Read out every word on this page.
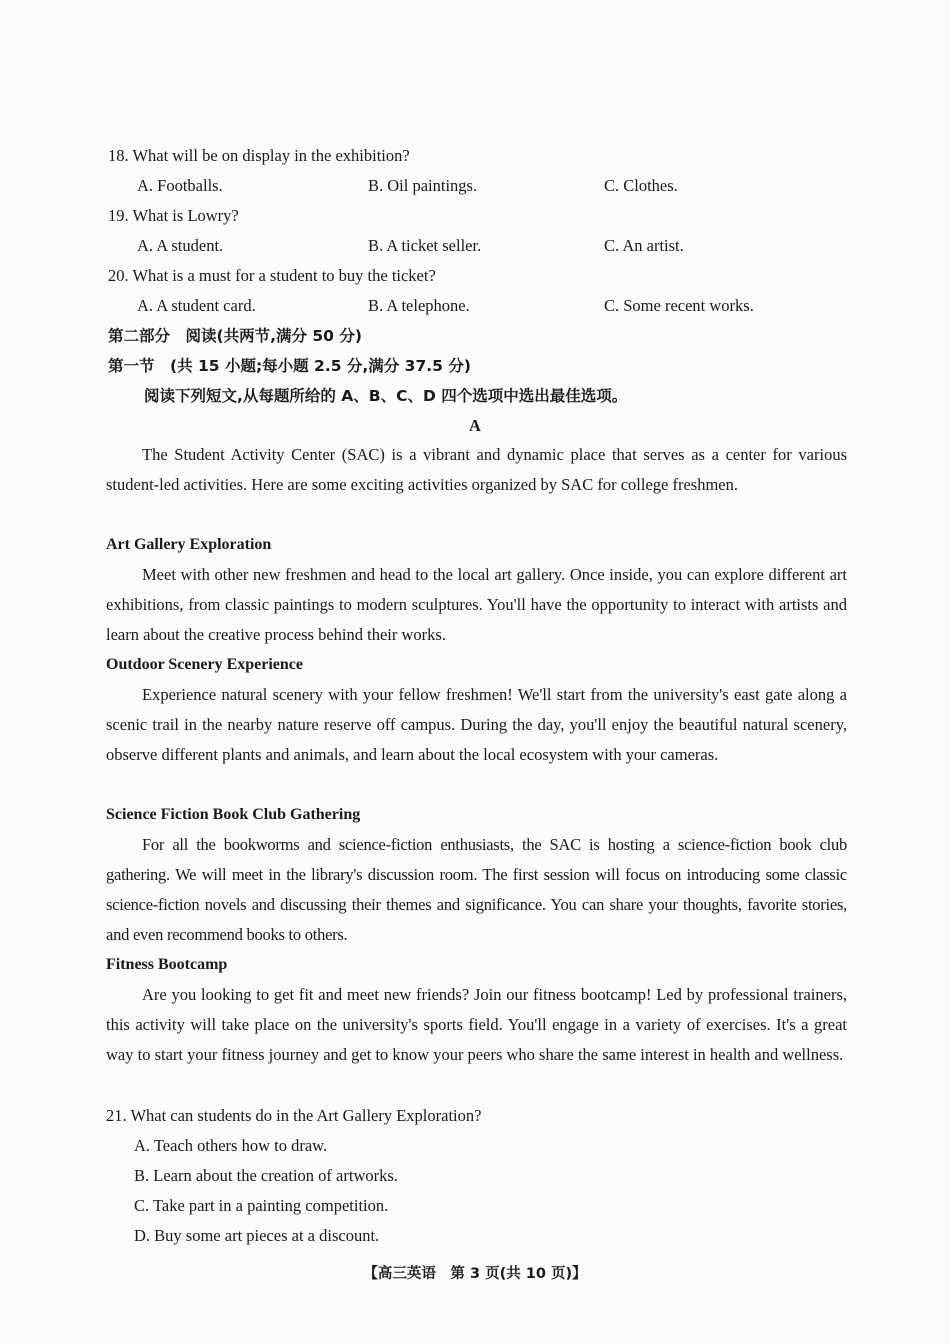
18. What will be on display in the exhibition?
A. Footballs.	B. Oil paintings.	C. Clothes.
19. What is Lowry?
A. A student.	B. A ticket seller.	C. An artist.
20. What is a must for a student to buy the ticket?
A. A student card.	B. A telephone.	C. Some recent works.
第二部分　阅读(共两节,满分 50 分)
第一节　(共 15 小题;每小题 2.5 分,满分 37.5 分)
阅读下列短文,从每题所给的 A、B、C、D 四个选项中选出最佳选项。
A
The Student Activity Center (SAC) is a vibrant and dynamic place that serves as a center for various student-led activities. Here are some exciting activities organized by SAC for college freshmen.
Art Gallery Exploration
Meet with other new freshmen and head to the local art gallery. Once inside, you can explore different art exhibitions, from classic paintings to modern sculptures. You'll have the opportunity to interact with artists and learn about the creative process behind their works.
Outdoor Scenery Experience
Experience natural scenery with your fellow freshmen! We'll start from the university's east gate along a scenic trail in the nearby nature reserve off campus. During the day, you'll enjoy the beautiful natural scenery, observe different plants and animals, and learn about the local ecosystem with your cameras.
Science Fiction Book Club Gathering
For all the bookworms and science-fiction enthusiasts, the SAC is hosting a science-fiction book club gathering. We will meet in the library's discussion room. The first session will focus on introducing some classic science-fiction novels and discussing their themes and significance. You can share your thoughts, favorite stories, and even recommend books to others.
Fitness Bootcamp
Are you looking to get fit and meet new friends? Join our fitness bootcamp! Led by professional trainers, this activity will take place on the university's sports field. You'll engage in a variety of exercises. It's a great way to start your fitness journey and get to know your peers who share the same interest in health and wellness.
21. What can students do in the Art Gallery Exploration?
A. Teach others how to draw.
B. Learn about the creation of artworks.
C. Take part in a painting competition.
D. Buy some art pieces at a discount.
【高三英语　第 3 页(共 10 页)】
